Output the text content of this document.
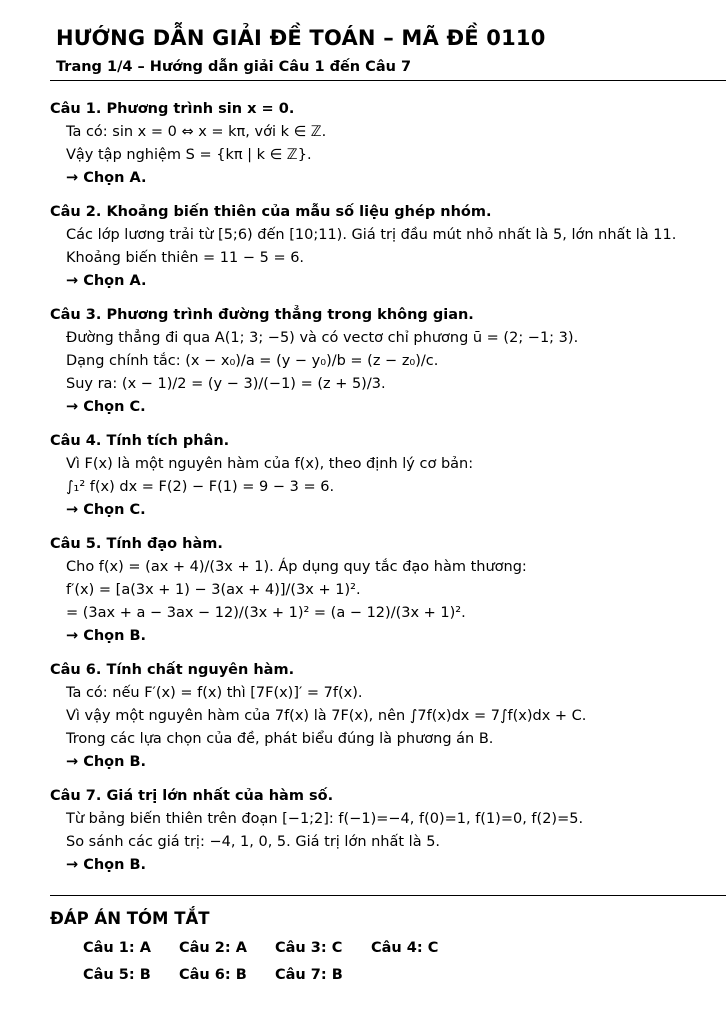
HƯỚNG DẪN GIẢI ĐỀ TOÁN – MÃ ĐỀ 0110
Trang 1/4 – Hướng dẫn giải Câu 1 đến Câu 7
Câu 1. Phương trình sin x = 0.
Ta có: sin x = 0 ⇔ x = kπ, với k ∈ ℤ.
Vậy tập nghiệm S = {kπ | k ∈ ℤ}.
→ Chọn A.
Câu 2. Khoảng biến thiên của mẫu số liệu ghép nhóm.
Các lớp lương trải từ [5;6) đến [10;11). Giá trị đầu mút nhỏ nhất là 5, lớn nhất là 11.
Khoảng biến thiên = 11 − 5 = 6.
→ Chọn A.
Câu 3. Phương trình đường thẳng trong không gian.
Đường thẳng đi qua A(1; 3; −5) và có vectơ chỉ phương ū = (2; −1; 3).
Dạng chính tắc: (x − x₀)/a = (y − y₀)/b = (z − z₀)/c.
Suy ra: (x − 1)/2 = (y − 3)/(−1) = (z + 5)/3.
→ Chọn C.
Câu 4. Tính tích phân.
Vì F(x) là một nguyên hàm của f(x), theo định lý cơ bản:
∫₁² f(x) dx = F(2) − F(1) = 9 − 3 = 6.
→ Chọn C.
Câu 5. Tính đạo hàm.
Cho f(x) = (ax + 4)/(3x + 1). Áp dụng quy tắc đạo hàm thương:
f′(x) = [a(3x + 1) − 3(ax + 4)]/(3x + 1)².
= (3ax + a − 3ax − 12)/(3x + 1)² = (a − 12)/(3x + 1)².
→ Chọn B.
Câu 6. Tính chất nguyên hàm.
Ta có: nếu F′(x) = f(x) thì [7F(x)]′ = 7f(x).
Vì vậy một nguyên hàm của 7f(x) là 7F(x), nên ∫7f(x)dx = 7∫f(x)dx + C.
Trong các lựa chọn của đề, phát biểu đúng là phương án B.
→ Chọn B.
Câu 7. Giá trị lớn nhất của hàm số.
Từ bảng biến thiên trên đoạn [−1;2]: f(−1)=−4, f(0)=1, f(1)=0, f(2)=5.
So sánh các giá trị: −4, 1, 0, 5. Giá trị lớn nhất là 5.
→ Chọn B.
ĐÁP ÁN TÓM TẮT
Câu 1: A	Câu 2: A	Câu 3: C	Câu 4: C
Câu 5: B	Câu 6: B	Câu 7: B
